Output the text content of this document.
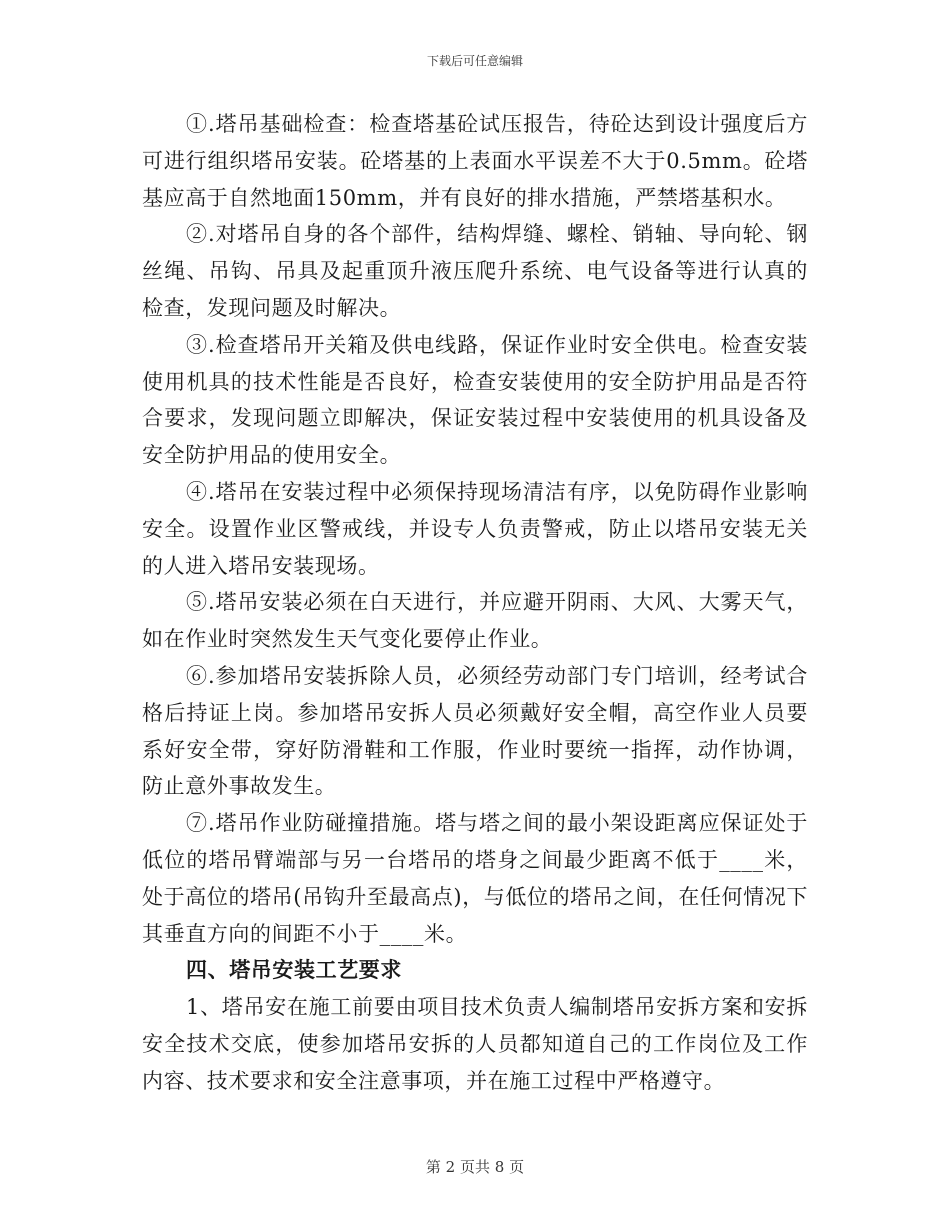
下载后可任意编辑

①.塔吊基础检查：检查塔基砼试压报告，待砼达到设计强度后方可进行组织塔吊安装。砼塔基的上表面水平误差不大于0.5mm。砼塔基应高于自然地面150mm，并有良好的排水措施，严禁塔基积水。

②.对塔吊自身的各个部件，结构焊缝、螺栓、销轴、导向轮、钢丝绳、吊钩、吊具及起重顶升液压爬升系统、电气设备等进行认真的检查，发现问题及时解决。

③.检查塔吊开关箱及供电线路，保证作业时安全供电。检查安装使用机具的技术性能是否良好，检查安装使用的安全防护用品是否符合要求，发现问题立即解决，保证安装过程中安装使用的机具设备及安全防护用品的使用安全。

④.塔吊在安装过程中必须保持现场清洁有序，以免防碍作业影响安全。设置作业区警戒线，并设专人负责警戒，防止以塔吊安装无关的人进入塔吊安装现场。

⑤.塔吊安装必须在白天进行，并应避开阴雨、大风、大雾天气，如在作业时突然发生天气变化要停止作业。

⑥.参加塔吊安装拆除人员，必须经劳动部门专门培训，经考试合格后持证上岗。参加塔吊安拆人员必须戴好安全帽，高空作业人员要系好安全带，穿好防滑鞋和工作服，作业时要统一指挥，动作协调，防止意外事故发生。

⑦.塔吊作业防碰撞措施。塔与塔之间的最小架设距离应保证处于低位的塔吊臂端部与另一台塔吊的塔身之间最少距离不低于____米，处于高位的塔吊(吊钩升至最高点)，与低位的塔吊之间，在任何情况下其垂直方向的间距不小于____米。

四、塔吊安装工艺要求

1、塔吊安在施工前要由项目技术负责人编制塔吊安拆方案和安拆安全技术交底，使参加塔吊安拆的人员都知道自己的工作岗位及工作内容、技术要求和安全注意事项，并在施工过程中严格遵守。

第 2 页共 8 页
